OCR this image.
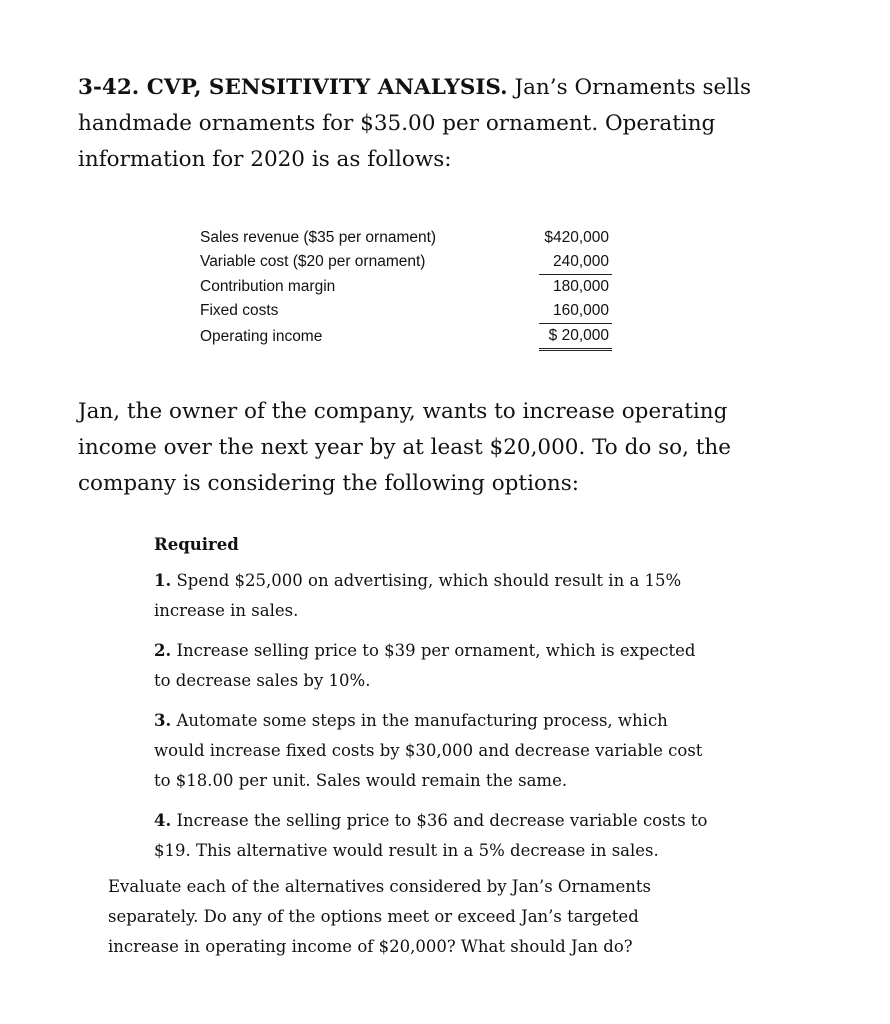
3-42. CVP, SENSITIVITY ANALYSIS. Jan’s Ornaments sells handmade ornaments for $35.00 per ornament. Operating information for 2020 is as follows:

Sales revenue ($35 per ornament)	$420,000
Variable cost ($20 per ornament)	240,000
Contribution margin	180,000
Fixed costs	160,000
Operating income	$ 20,000

Jan, the owner of the company, wants to increase operating income over the next year by at least $20,000. To do so, the company is considering the following options:

Required

1. Spend $25,000 on advertising, which should result in a 15% increase in sales.

2. Increase selling price to $39 per ornament, which is expected to decrease sales by 10%.

3. Automate some steps in the manufacturing process, which would increase fixed costs by $30,000 and decrease variable cost to $18.00 per unit. Sales would remain the same.

4. Increase the selling price to $36 and decrease variable costs to $19. This alternative would result in a 5% decrease in sales.

Evaluate each of the alternatives considered by Jan’s Ornaments separately. Do any of the options meet or exceed Jan’s targeted increase in operating income of $20,000? What should Jan do?
